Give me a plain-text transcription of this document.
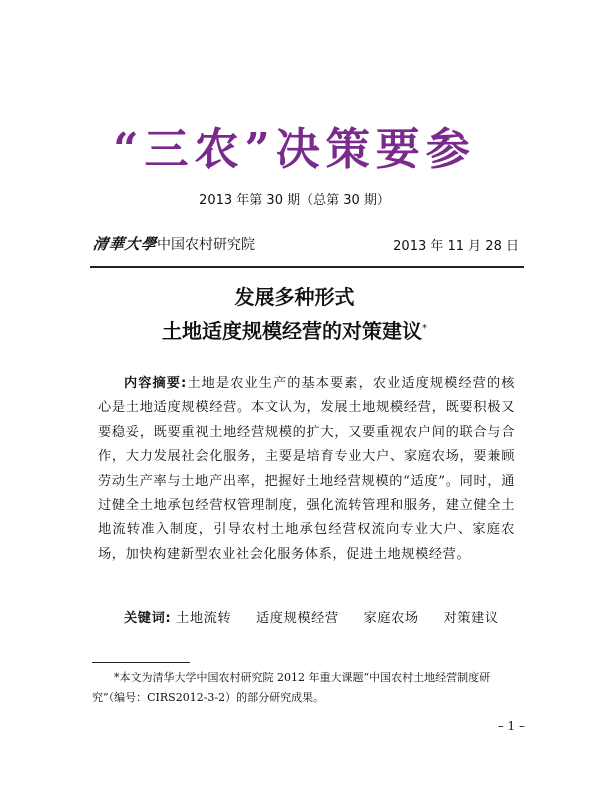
“三农”决策要参
2013 年第 30 期（总第 30 期）
清華大學中国农村研究院	2013 年 11 月 28 日
发展多种形式
土地适度规模经营的对策建议*
内容摘要:土地是农业生产的基本要素，农业适度规模经营的核心是土地适度规模经营。本文认为，发展土地规模经营，既要积极又要稳妥，既要重视土地经营规模的扩大，又要重视农户间的联合与合作，大力发展社会化服务，主要是培育专业大户、家庭农场，要兼顾劳动生产率与土地产出率，把握好土地经营规模的“适度”。同时，通过健全土地承包经营权管理制度，强化流转管理和服务，建立健全土地流转准入制度，引导农村土地承包经营权流向专业大户、家庭农场，加快构建新型农业社会化服务体系，促进土地规模经营。
关键词: 土地流转 适度规模经营 家庭农场 对策建议
*本文为清华大学中国农村研究院 2012 年重大课题“中国农村土地经营制度研究”（编号：CIRS2012-3-2）的部分研究成果。
– 1 –
